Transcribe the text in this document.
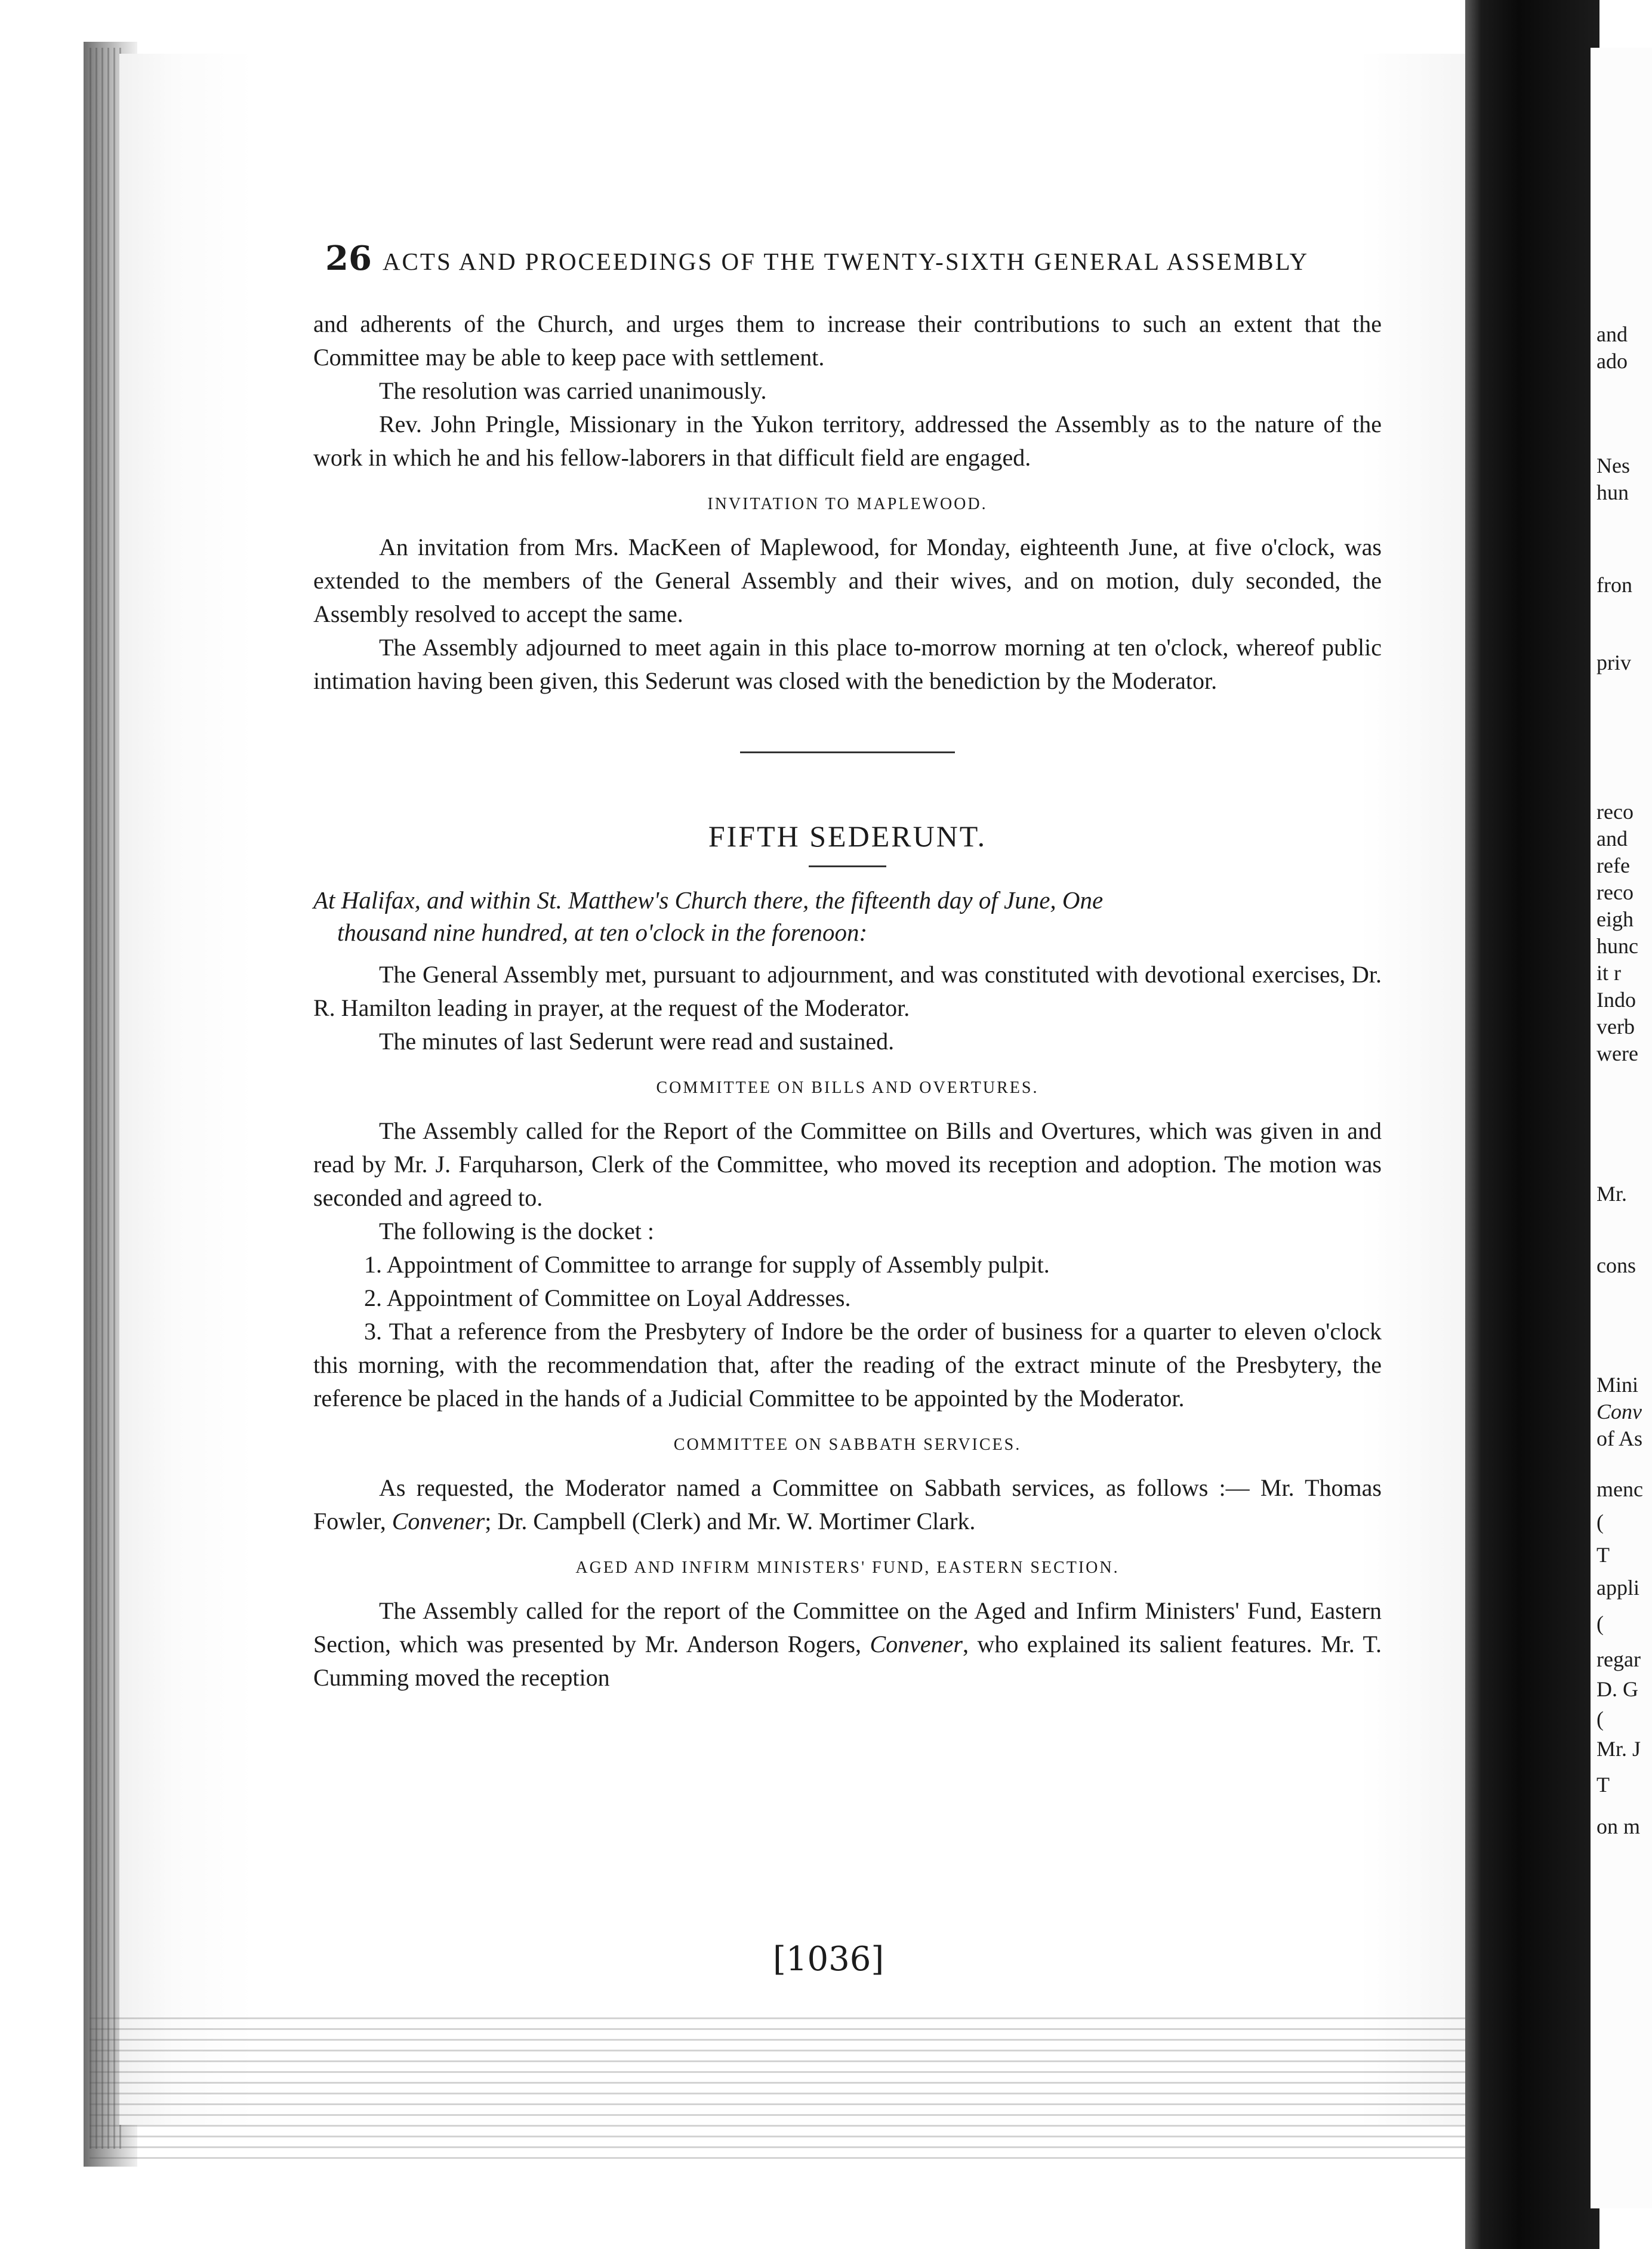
and
ado
Nes
hun
fron
priv
reco
and
refe
reco
eigh
hunc
it r
Indo
verb
were
Mr.
cons
Mini
Conv
of As
menc
(
T
appli
(
regar
D. G
(
Mr. J
T
on m
26 ACTS AND PROCEEDINGS OF THE TWENTY-SIXTH GENERAL ASSEMBLY

and adherents of the Church, and urges them to increase their contributions to such an extent that the Committee may be able to keep pace with settlement.

The resolution was carried unanimously.

Rev. John Pringle, Missionary in the Yukon territory, addressed the Assembly as to the nature of the work in which he and his fellow-laborers in that difficult field are engaged.

INVITATION TO MAPLEWOOD.

An invitation from Mrs. MacKeen of Maplewood, for Monday, eighteenth June, at five o'clock, was extended to the members of the General Assembly and their wives, and on motion, duly seconded, the Assembly resolved to accept the same.

The Assembly adjourned to meet again in this place to-morrow morning at ten o'clock, whereof public intimation having been given, this Sederunt was closed with the benediction by the Moderator.

FIFTH SEDERUNT.
At Halifax, and within St. Matthew's Church there, the fifteenth day of June, One
thousand nine hundred, at ten o'clock in the forenoon:

The General Assembly met, pursuant to adjournment, and was constituted with devotional exercises, Dr. R. Hamilton leading in prayer, at the request of the Moderator.

The minutes of last Sederunt were read and sustained.

COMMITTEE ON BILLS AND OVERTURES.

The Assembly called for the Report of the Committee on Bills and Overtures, which was given in and read by Mr. J. Farquharson, Clerk of the Committee, who moved its reception and adoption. The motion was seconded and agreed to.

The following is the docket :

1. Appointment of Committee to arrange for supply of Assembly pulpit.
2. Appointment of Committee on Loyal Addresses.
3. That a reference from the Presbytery of Indore be the order of business for a quarter to eleven o'clock this morning, with the recommendation that, after the reading of the extract minute of the Presbytery, the reference be placed in the hands of a Judicial Committee to be appointed by the Moderator.
COMMITTEE ON SABBATH SERVICES.

As requested, the Moderator named a Committee on Sabbath services, as follows :— Mr. Thomas Fowler, Convener; Dr. Campbell (Clerk) and Mr. W. Mortimer Clark.

AGED AND INFIRM MINISTERS' FUND, EASTERN SECTION.

The Assembly called for the report of the Committee on the Aged and Infirm Ministers' Fund, Eastern Section, which was presented by Mr. Anderson Rogers, Convener, who explained its salient features. Mr. T. Cumming moved the reception

[1036]
